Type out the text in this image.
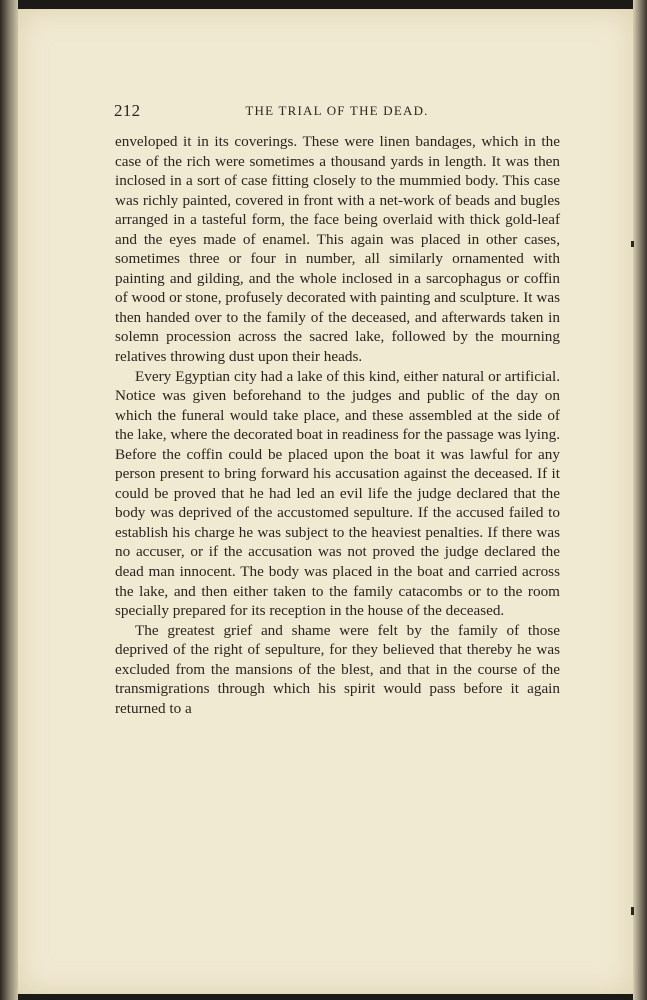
212	THE TRIAL OF THE DEAD.

enveloped it in its coverings. These were linen bandages, which in the case of the rich were sometimes a thousand yards in length. It was then inclosed in a sort of case fitting closely to the mummied body. This case was richly painted, covered in front with a net-work of beads and bugles arranged in a tasteful form, the face being overlaid with thick gold-leaf and the eyes made of enamel. This again was placed in other cases, sometimes three or four in number, all similarly ornamented with painting and gilding, and the whole inclosed in a sarcophagus or coffin of wood or stone, profusely decorated with painting and sculpture. It was then handed over to the family of the deceased, and afterwards taken in solemn procession across the sacred lake, followed by the mourning relatives throwing dust upon their heads.

Every Egyptian city had a lake of this kind, either natural or artificial. Notice was given beforehand to the judges and public of the day on which the funeral would take place, and these assembled at the side of the lake, where the decorated boat in readiness for the passage was lying. Before the coffin could be placed upon the boat it was lawful for any person present to bring forward his accusation against the deceased. If it could be proved that he had led an evil life the judge declared that the body was deprived of the accustomed sepulture. If the accused failed to establish his charge he was subject to the heaviest penalties. If there was no accuser, or if the accusation was not proved the judge declared the dead man innocent. The body was placed in the boat and carried across the lake, and then either taken to the family catacombs or to the room specially prepared for its reception in the house of the deceased.

The greatest grief and shame were felt by the family of those deprived of the right of sepulture, for they believed that thereby he was excluded from the mansions of the blest, and that in the course of the transmigrations through which his spirit would pass before it again returned to a
